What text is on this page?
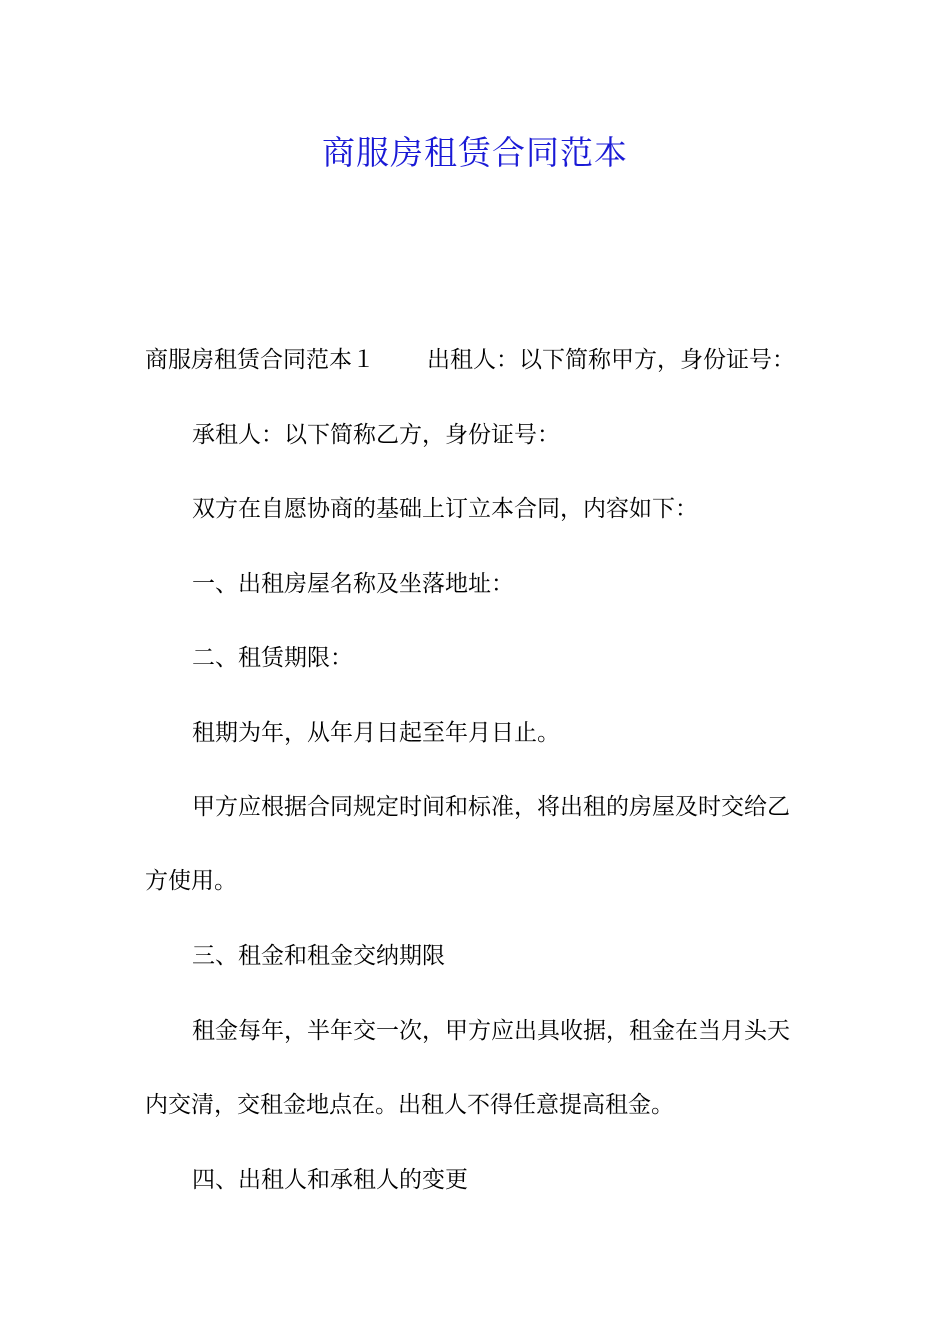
商服房租赁合同范本

商服房租赁合同范本１ 出租人：以下简称甲方，身份证号：

承租人：以下简称乙方，身份证号：

双方在自愿协商的基础上订立本合同，内容如下：

一、出租房屋名称及坐落地址：

二、租赁期限：

租期为年，从年月日起至年月日止。

甲方应根据合同规定时间和标准，将出租的房屋及时交给乙方使用。

三、租金和租金交纳期限

租金每年，半年交一次，甲方应出具收据，租金在当月头天内交清，交租金地点在。出租人不得任意提高租金。

四、出租人和承租人的变更
